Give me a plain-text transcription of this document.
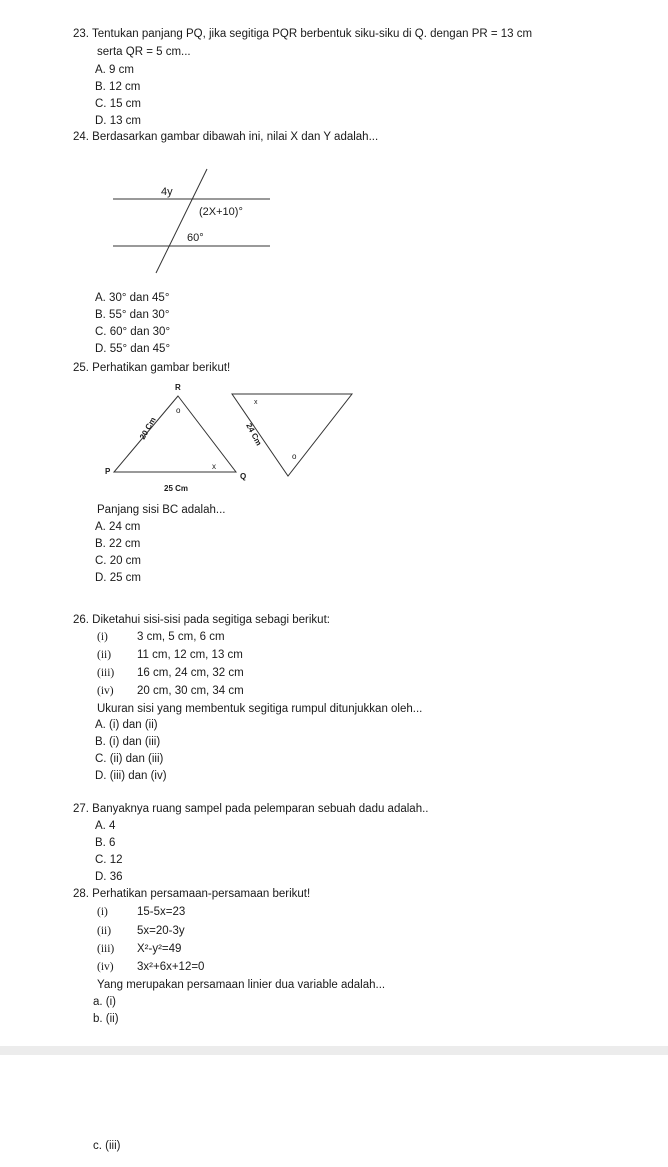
23. Tentukan panjang PQ, jika segitiga PQR berbentuk siku-siku di Q. dengan PR = 13 cm
serta QR = 5 cm...
A. 9 cm
B. 12 cm
C. 15 cm
D. 13 cm
24. Berdasarkan gambar dibawah ini, nilai X dan Y adalah...
4y
(2X+10)°
60°
A. 30° dan 45°
B. 55° dan 30°
C. 60° dan 30°
D. 55° dan 45°
25. Perhatikan gambar berikut!
R
P
Q
20 Cm
25 Cm
o
x
24 Cm
x
o
Panjang sisi BC adalah...
A. 24 cm
B. 22 cm
C. 20 cm
D. 25 cm
26. Diketahui sisi-sisi pada segitiga sebagi berikut:
(i)	3 cm, 5 cm, 6 cm
(ii) 11 cm, 12 cm, 13 cm
(iii) 16 cm, 24 cm, 32 cm
(iv) 20 cm, 30 cm, 34 cm
Ukuran sisi yang membentuk segitiga rumpul ditunjukkan oleh...
A. (i) dan (ii)
B. (i) dan (iii)
C. (ii) dan (iii)
D. (iii) dan (iv)
27. Banyaknya ruang sampel pada pelemparan sebuah dadu adalah..
A. 4
B. 6
C. 12
D. 36
28. Perhatikan persamaan-persamaan berikut!
(i)	15-5x=23
(ii) 5x=20-3y
(iii) X²-y²=49
(iv) 3x²+6x+12=0
Yang merupakan persamaan linier dua variable adalah...
a. (i)
b. (ii)
c. (iii)
